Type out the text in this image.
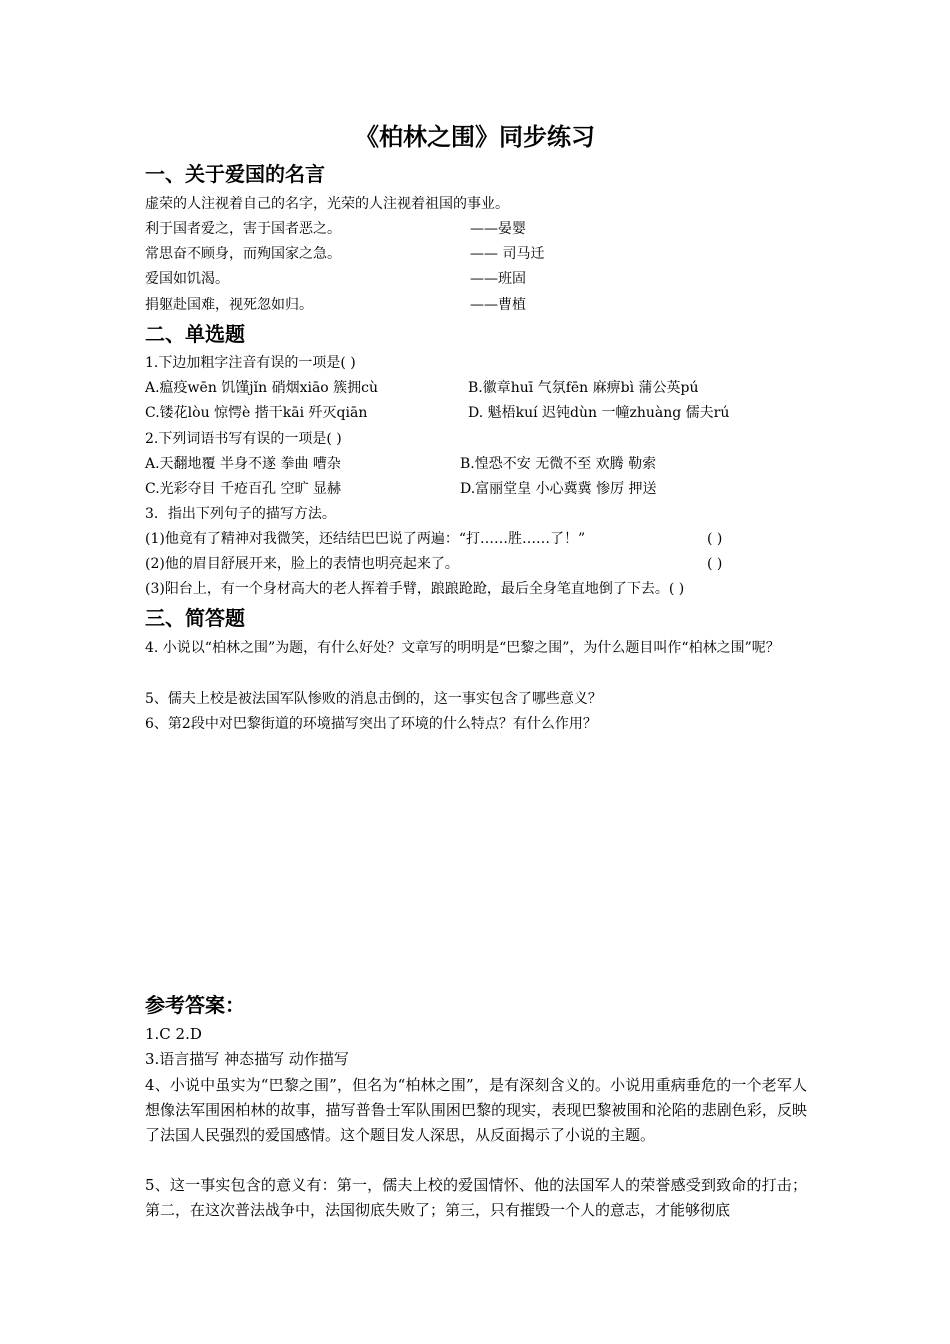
《柏林之围》同步练习
一、关于爱国的名言
虚荣的人注视着自己的名字，光荣的人注视着祖国的事业。
利于国者爱之，害于国者恶之。	——晏婴
常思奋不顾身，而殉国家之急。	—— 司马迁
爱国如饥渴。	——班固
捐躯赴国难，视死忽如归。	——曹植
二、单选题
1.下边加粗字注音有误的一项是( )
A.瘟疫wēn 饥馑jǐn 硝烟xiāo 簇拥cù	B.徽章huī 气氛fēn 麻痹bì 蒲公英pú
C.镂花lòu 惊愕è 揩干kāi 歼灭qiān	D. 魁梧kuí 迟钝dùn 一幢zhuàng 儒夫rú
2.下列词语书写有误的一项是( )
A.天翻地覆 半身不遂 拳曲 嘈杂	B.惶恐不安 无微不至 欢腾 勒索
C.光彩夺目 千疮百孔 空旷 显赫	D.富丽堂皇 小心冀冀 惨厉 押送
3．指出下列句子的描写方法。
(1)他竟有了精神对我微笑，还结结巴巴说了两遍：“打……胜……了！”	( )
(2)他的眉目舒展开来，脸上的表情也明亮起来了。	( )
(3)阳台上，有一个身材高大的老人挥着手臂，踉踉跄跄，最后全身笔直地倒了下去。( )
三、简答题
4. 小说以“柏林之围”为题，有什么好处？文章写的明明是“巴黎之围”，为什么题目叫作“柏林之围”呢？
5、儒夫上校是被法国军队惨败的消息击倒的，这一事实包含了哪些意义？
6、第2段中对巴黎街道的环境描写突出了环境的什么特点？有什么作用？
参考答案：
1.C 2.D
3.语言描写 神态描写 动作描写
4、小说中虽实为“巴黎之围”，但名为“柏林之围”，是有深刻含义的。小说用重病垂危的一个老军人想像法军围困柏林的故事，描写普鲁士军队围困巴黎的现实，表现巴黎被围和沦陷的悲剧色彩，反映了法国人民强烈的爱国感情。这个题目发人深思，从反面揭示了小说的主题。
5、这一事实包含的意义有：第一，儒夫上校的爱国情怀、他的法国军人的荣誉感受到致命的打击；第二，在这次普法战争中，法国彻底失败了；第三，只有摧毁一个人的意志，才能够彻底
